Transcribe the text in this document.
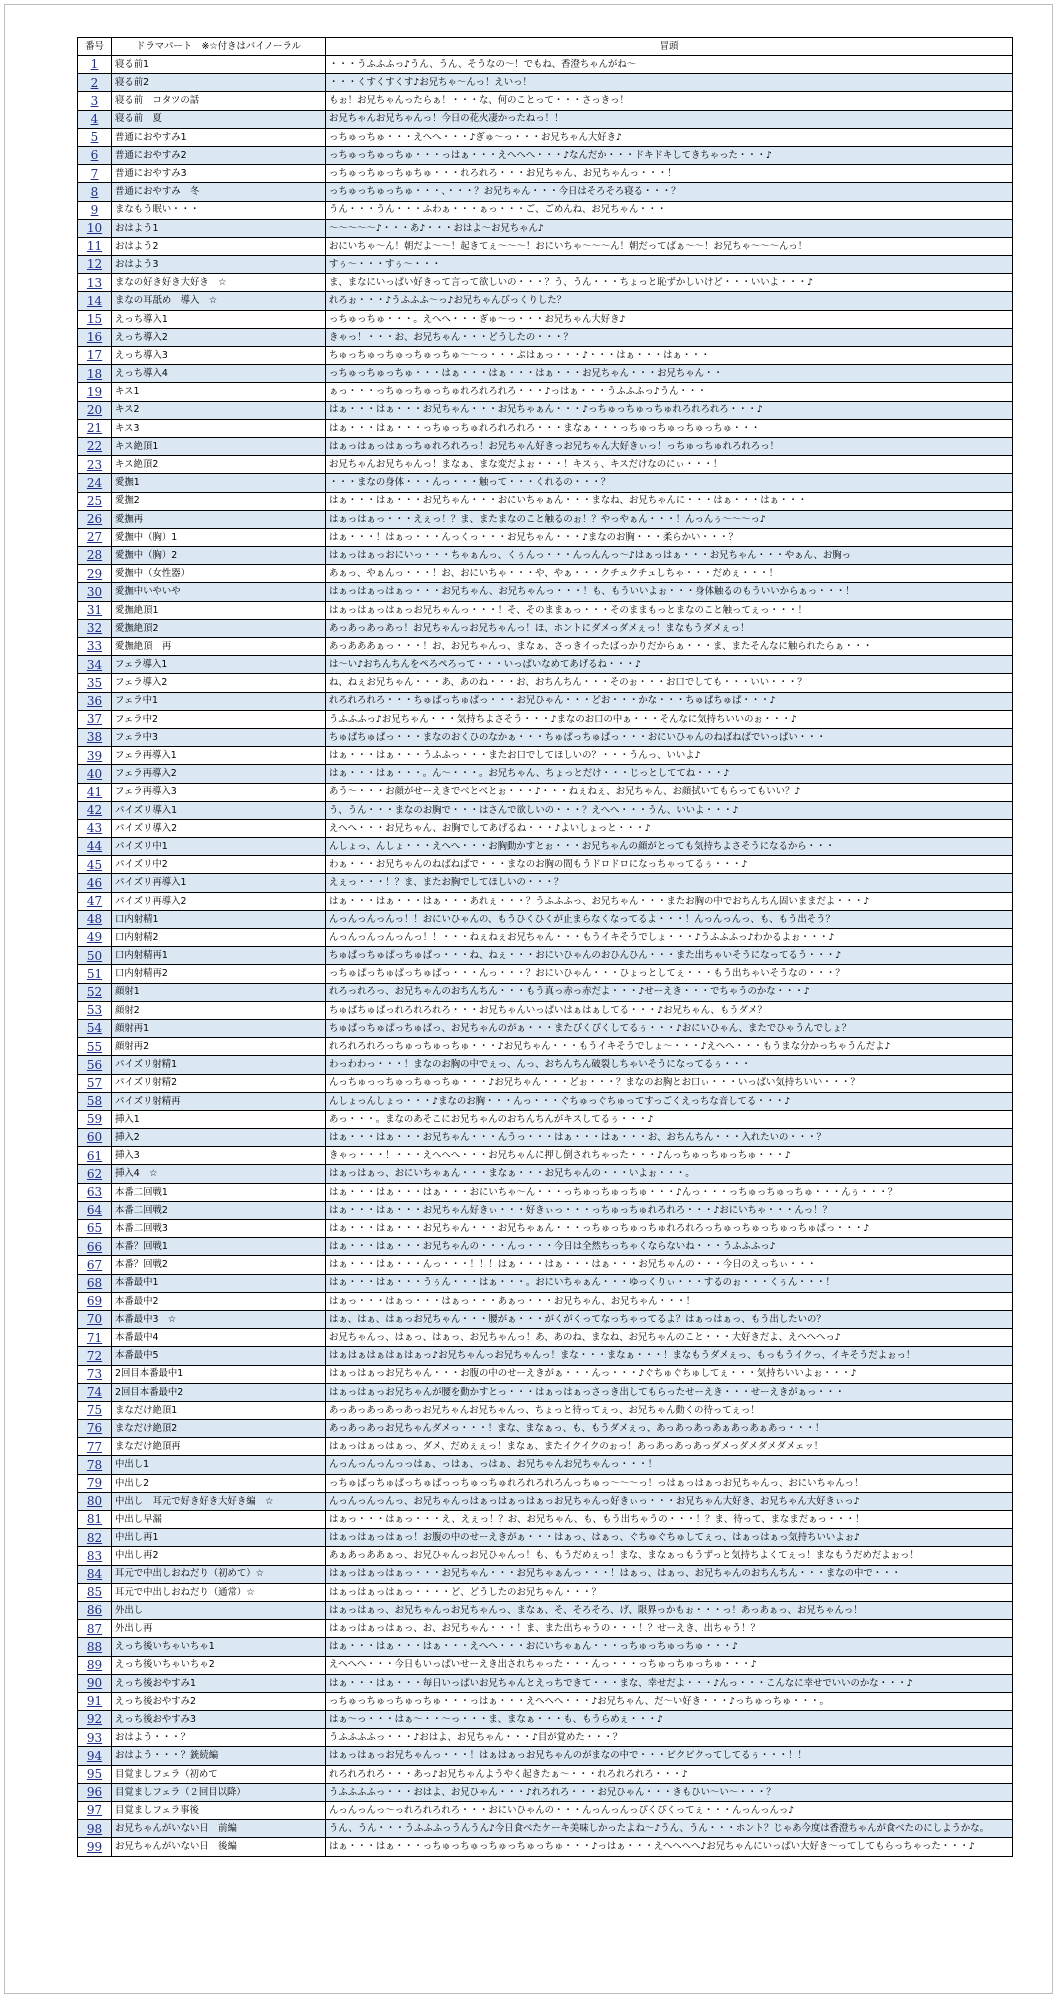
番号	ドラマパート　※☆付きはバイノーラル	冒頭
1	寝る前1	・・・うふふふっ♪うん、うん、そうなの〜！でもね、香澄ちゃんがね〜
2	寝る前2	・・・くすくすくす♪お兄ちゃ〜んっ！えいっ！
3	寝る前　コタツの話	もぉ！お兄ちゃんったらぁ！・・・な、何のことって・・・さっきっ！
4	寝る前　夏	お兄ちゃんお兄ちゃんっ！今日の花火凄かったねっ！！
5	普通におやすみ1	っちゅっちゅ・・・えへへ・・・♪ぎゅ〜っ・・・お兄ちゃん大好き♪
6	普通におやすみ2	っちゅっちゅっちゅ・・・っはぁ・・・えへへへ・・・♪なんだか・・・ドキドキしてきちゃった・・・♪
7	普通におやすみ3	っちゅっちゅっちゅちゅ・・・れろれろ・・・お兄ちゃん、お兄ちゃんっ・・・！
8	普通におやすみ　冬	っちゅっちゅっちゅ・・・、・・・？お兄ちゃん・・・今日はそろそろ寝る・・・？
9	まなもう眠い・・・	うん・・・うん・・・ふわぁ・・・ぁっ・・・ご、ごめんね、お兄ちゃん・・・
10	おはよう1	〜〜〜〜〜♪・・・あ♪・・・おはよ〜お兄ちゃん♪
11	おはよう2	おにいちゃ〜ん！朝だよ〜〜！起きてぇ〜〜〜！おにいちゃ〜〜〜ん！朝だってばぁ〜〜！お兄ちゃ〜〜〜んっ！
12	おはよう3	すぅ〜・・・すぅ〜・・・
13	まなの好き好き大好き　☆	ま、まなにいっぱい好きって言って欲しいの・・・？う、うん・・・ちょっと恥ずかしいけど・・・いいよ・・・♪
14	まなの耳舐め　導入　☆	れろぉ・・・♪うふふふ〜っ♪お兄ちゃんびっくりした？
15	えっち導入1	っちゅっちゅ・・・。えへへ・・・ぎゅ〜っ・・・お兄ちゃん大好き♪
16	えっち導入2	きゃっ！・・・お、お兄ちゃん・・・どうしたの・・・？
17	えっち導入3	ちゅっちゅっちゅっちゅっちゅ〜〜っ・・・ぷはぁっ・・・♪・・・はぁ・・・はぁ・・・
18	えっち導入4	っちゅっちゅっちゅ・・・はぁ・・・はぁ・・・はぁ・・・お兄ちゃん・・・お兄ちゃん・・
19	キス1	ぁっ・・・っちゅっちゅっちゅれろれろれろ・・・♪っはぁ・・・うふふふっ♪うん・・・
20	キス2	はぁ・・・はぁ・・・お兄ちゃん・・・お兄ちゃぁん・・・♪っちゅっちゅっちゅれろれろれろ・・・♪
21	キス3	はぁ・・・はぁ・・・っちゅっちゅれろれろれろ・・・まなぁ・・・っちゅっちゅっちゅっちゅ・・・
22	キス絶頂1	はぁっはぁっはぁっちゅれろれろっ！お兄ちゃん好きっお兄ちゃん大好きぃっ！っちゅっちゅれろれろっ！
23	キス絶頂2	お兄ちゃんお兄ちゃんっ！まなぁ、まな変だよぉ・・・！キスぅ、キスだけなのにぃ・・・！
24	愛撫1	・・・まなの身体・・・んっ・・・触って・・・くれるの・・・？
25	愛撫2	はぁ・・・はぁ・・・お兄ちゃん・・・おにいちゃぁん・・・まなね、お兄ちゃんに・・・はぁ・・・はぁ・・・
26	愛撫再	はぁっはぁっ・・・えぇっ！？ま、またまなのこと触るのぉ！？やっやぁん・・・！んっんぅ〜〜〜っ♪
27	愛撫中（胸）1	はぁ・・・！はぁっ・・・んっくっ・・・お兄ちゃん・・・♪まなのお胸・・・柔らかい・・・？
28	愛撫中（胸）2	はぁっはぁっおにいっ・・・ちゃぁんっ、くぅんっ・・・んっんんっ〜♪はぁっはぁ・・・お兄ちゃん・・・やぁん、お胸っ
29	愛撫中（女性器）	あぁっ、やぁんっ・・・！お、おにいちゃ・・・や、やぁ・・・クチュクチュしちゃ・・・だめぇ・・・！
30	愛撫中いやいや	はぁっはぁっはぁっ・・・お兄ちゃん、お兄ちゃんっ・・・！も、もういいよぉ・・・身体触るのもういいからぁっ・・・！
31	愛撫絶頂1	はぁっはぁっはぁっお兄ちゃんっ・・・！そ、そのままぁっ・・・そのままもっとまなのこと触ってぇっ・・・！
32	愛撫絶頂2	あっあっあっあっ！お兄ちゃんっお兄ちゃんっ！ほ、ホントにダメっダメぇっ！まなもうダメぇっ！
33	愛撫絶頂　再	あっあああぁっ・・・！お、お兄ちゃんっ、まなぁ、さっきイったばっかりだからぁ・・・ま、またそんなに触られたらぁ・・・
34	フェラ導入1	は〜い♪おちんちんをぺろぺろって・・・いっぱいなめてあげるね・・・♪
35	フェラ導入2	ね、ねぇお兄ちゃん・・・あ、あのね・・・お、おちんちん・・・そのぉ・・・お口でしても・・・いい・・・？
36	フェラ中1	れろれろれろ・・・ちゅぱっちゅぱっ・・・お兄ひゃん・・・どお・・・かな・・・ちゅぱちゅぱ・・・♪
37	フェラ中2	うふふふっ♪お兄ちゃん・・・気持ちよさそう・・・♪まなのお口の中ぁ・・・そんなに気持ちいいのぉ・・・♪
38	フェラ中3	ちゅぱちゅぱっ・・・まなのおくひのなかぁ・・・ちゅぱっちゅぱっ・・・おにいひゃんのねばねばでいっぱい・・・
39	フェラ再導入1	はぁ・・・はぁ・・・うふふっ・・・またお口でしてほしいの？・・・うんっ、いいよ♪
40	フェラ再導入2	はぁ・・・はぁ・・・。ん〜・・・。お兄ちゃん、ちょっとだけ・・・じっとしててね・・・♪
41	フェラ再導入3	あう〜・・・お顔がせーえきでベとべとぉ・・・♪・・・ねぇねぇ、お兄ちゃん、お顔拭いてもらってもいい？♪
42	パイズリ導入1	う、うん・・・まなのお胸で・・・はさんで欲しいの・・・？えへへ・・・うん、いいよ・・・♪
43	パイズリ導入2	えへへ・・・お兄ちゃん、お胸でしてあげるね・・・♪よいしょっと・・・♪
44	パイズリ中1	んしょっ、んしょ・・・えへへ・・・お胸動かすとぉ・・・お兄ちゃんの顔がとっても気持ちよさそうになるから・・・
45	パイズリ中2	わぁ・・・お兄ちゃんのねばねばで・・・まなのお胸の間もうドロドロになっちゃってるぅ・・・♪
46	パイズリ再導入1	えぇっ・・・！？ま、またお胸でしてほしいの・・・？
47	パイズリ再導入2	はぁ・・・はぁ・・・はぁ・・・あれぇ・・・？うふふふっ、お兄ちゃん・・・またお胸の中でおちんちん固いままだよ・・・♪
48	口内射精1	んっんっんっんっ！！おにいひゃんの、もうひくひくが止まらなくなってるよ・・・！んっんっんっ、も、もう出そう？
49	口内射精2	んっんっんっんっんっ！！・・・ねぇねぇお兄ちゃん・・・もうイキそうでしょ・・・♪うふふふっ♪わかるよぉ・・・♪
50	口内射精再1	ちゅぱっちゅぱっちゅぱっ・・・ね、ねぇ・・・おにいひゃんのおひんひん・・・また出ちゃいそうになってるう・・・♪
51	口内射精再2	っちゅぱっちゅぱっちゅぱっ・・・んっ・・・？おにいひゃん・・・ひょっとしてぇ・・・もう出ちゃいそうなの・・・？
52	顔射1	れろっれろっ、お兄ちゃんのおちんちん・・・もう真っ赤っ赤だよ・・・♪せーえき・・・でちゃうのかな・・・♪
53	顔射2	ちゅぱちゅぱっれろれろれろ・・・お兄ちゃんいっぱいはぁはぁしてる・・・♪お兄ちゃん、もうダメ？
54	顔射再1	ちゅぱっちゅぱっちゅぱっ、お兄ちゃんのがぁ・・・またぴくぴくしてるぅ・・・♪おにいひゃん、またでひゃうんでしょ？
55	顔射再2	れろれろれろっちゅっちゅっちゅ・・・♪お兄ちゃん・・・もうイキそうでしょ〜・・・♪えへへ・・・もうまな分かっちゃうんだよ♪
56	パイズリ射精1	わっわわっ・・・！まなのお胸の中でぇっ、んっ、おちんちん破裂しちゃいそうになってるぅ・・・
57	パイズリ射精2	んっちゅっっちゅっちゅっちゅ・・・♪お兄ちゃん・・・どぉ・・・？まなのお胸とお口ぃ・・・いっぱい気持ちいい・・・？
58	パイズリ射精再	んしょっんしょっ・・・♪まなのお胸・・・んっ・・・ぐちゅっぐちゅってすっごくえっちな音してる・・・♪
59	挿入1	あっ・・・。まなのあそこにお兄ちゃんのおちんちんがキスしてるぅ・・・♪
60	挿入2	はぁ・・・はぁ・・・お兄ちゃん・・・んうっ・・・はぁ・・・はぁ・・・お、おちんちん・・・入れたいの・・・？
61	挿入3	きゃっ・・・！・・・えへへへ・・・お兄ちゃんに押し倒されちゃった・・・♪んっちゅっちゅっちゅ・・・♪
62	挿入4　☆	はぁっはぁっ、おにいちゃぁん・・・まなぁ・・・お兄ちゃんの・・・いよぉ・・・。
63	本番二回戦1	はぁ・・・はぁ・・・はぁ・・・おにいちゃ〜ん・・・っちゅっちゅっちゅ・・・♪んっ・・・っちゅっちゅっちゅ・・・んぅ・・・？
64	本番二回戦2	はぁ・・・はぁ・・・お兄ちゃん好きぃ・・・好きぃっ・・・っちゅっちゅれろれろ・・・♪おにいちゃ・・・んっ！？
65	本番二回戦3	はぁ・・・はぁ・・・お兄ちゃん・・・お兄ちゃぁん・・・っちゅっちゅっちゅれろれろっちゅっちゅっちゅっちゅぱっ・・・♪
66	本番？回戦1	はぁ・・・はぁ・・・お兄ちゃんの・・・んっ・・・今日は全然ちっちゃくならないね・・・うふふふっ♪
67	本番？回戦2	はぁ・・・はぁ・・・んっ・・・！！！はぁ・・・はぁ・・・はぁ・・・お兄ちゃんの・・・今日のえっちぃ・・・
68	本番最中1	はぁ・・・はぁ・・・うぅん・・・はぁ・・・。おにいちゃぁん・・・ゆっくりぃ・・・するのぉ・・・くぅん・・・！
69	本番最中2	はぁっ・・・はぁっ・・・はぁっ・・・あぁっ・・・お兄ちゃん、お兄ちゃん・・・！
70	本番最中3　☆	はぁ、はぁ、はぁっお兄ちゃん・・・腰がぁ・・・がくがくってなっちゃってるよ？はぁっはぁっ、もう出したいの？
71	本番最中4	お兄ちゃんっ、はぁっ、はぁっ、お兄ちゃんっ！あ、あのね、まなね、お兄ちゃんのこと・・・大好きだよ、えへへへっ♪
72	本番最中5	はぁはぁはぁはぁはぁっ♪お兄ちゃんっお兄ちゃんっ！まな・・・まなぁ・・・！まなもうダメぇっ、もっもうイクっ、イキそうだよぉっ！
73	2回目本番最中1	はぁっはぁっお兄ちゃん・・・お腹の中のせーえきがぁ・・・んっ・・・♪ぐちゅぐちゅしてぇ・・・気持ちいいよぉ・・・♪
74	2回目本番最中2	はぁっはぁっお兄ちゃんが腰を動かすとっ・・・はぁっはぁっさっき出してもらったせーえき・・・せーえきがぁっ・・・
75	まなだけ絶頂1	あっあっあっあっあっお兄ちゃんお兄ちゃんっ、ちょっと待ってぇっ、お兄ちゃん動くの待ってぇっ！
76	まなだけ絶頂2	あっあっあっお兄ちゃんダメっ・・・！まな、まなぁっ、も、もうダメぇっ、あっあっあっあぁあっあぁあっ・・・！
77	まなだけ絶頂再	はぁっはぁっはぁっ、ダメ、だめぇぇっ！まなぁ、またイクイクのぉっ！あっあっあっあっダメっダメダメダメェッ！
78	中出し1	んっんっんっんっっはぁ、っはぁ、っはぁ、お兄ちゃんお兄ちゃんっ・・・！
79	中出し2	っちゅぱっちゅぱっちゅぱっっちゅっちゅれろれろれろんっちゅっ〜〜〜っ！っはぁっはぁっお兄ちゃんっ、おにいちゃんっ！
80	中出し　耳元で好き好き大好き編　☆	んっんっんっんっ、お兄ちゃんっはぁっはぁっはぁっお兄ちゃんっ好きぃっ・・・お兄ちゃん大好き、お兄ちゃん大好きぃっ♪
81	中出し早漏	はぁっ・・・はぁっ・・・え、えぇっ！？お、お兄ちゃん、も、もう出ちゃうの・・・！？ま、待って、まなまだぁっ・・・！
82	中出し再1	はぁっはぁっはぁっ！お腹の中のせーえきがぁ・・・はぁっ、はぁっ、ぐちゅぐちゅしてぇっ、はぁっはぁっ気持ちいいよぉ♪
83	中出し再2	あぁあっああぁっ、お兄ひゃんっお兄ひゃんっ！も、もうだめぇっ！まな、まなぁっもうずっと気持ちよくてぇっ！まなもうだめだよぉっ！
84	耳元で中出しおねだり（初めて）☆	はぁっはぁっはぁっ・・・お兄ちゃん・・・お兄ちゃぁんっ・・・！はぁっ、はぁっ、お兄ちゃんのおちんちん・・・まなの中で・・・
85	耳元で中出しおねだり（通常）☆	はぁっはぁっはぁっ・・・・ど、どうしたのお兄ちゃん・・・？
86	外出し	はぁっはぁっ、お兄ちゃんっお兄ちゃんっ、まなぁ、そ、そろそろ、げ、限界っかもぉ・・・っ！あっあぁっ、お兄ちゃんっ！
87	外出し再	はぁっはぁっはぁっ、お、お兄ちゃん・・・！ま、また出ちゃうの・・・！？せーえき、出ちゃう！？
88	えっち後いちゃいちゃ1	はぁ・・・はぁ・・・はぁ・・・えへへ・・・おにいちゃぁん・・・っちゅっちゅっちゅ・・・♪
89	えっち後いちゃいちゃ2	えへへへ・・・今日もいっぱいせーえき出されちゃった・・・んっ・・・っちゅっちゅっちゅ・・・♪
90	えっち後おやすみ1	はぁ・・・はぁ・・・毎日いっぱいお兄ちゃんとえっちできて・・・まな、幸せだよ・・・♪んっ・・・こんなに幸せでいいのかな・・・♪
91	えっち後おやすみ2	っちゅっちゅっちゅっちゅ・・・っはぁ・・・えへへへ・・・♪お兄ちゃん、だ〜い好き・・・♪っちゅっちゅ・・・。
92	えっち後おやすみ3	はぁ〜っ・・・はぁ〜・・〜っ・・・ま、まなぁ・・・も、もうらめぇ・・・♪
93	おはよう・・・？	うふふふふっ・・・♪おはよ、お兄ちゃん・・・♪目が覚めた・・・？
94	おはよう・・・？銃続編	はぁっはぁっお兄ちゃんっ・・・！はぁはぁっお兄ちゃんのがまなの中で・・・ビクビクってしてるぅ・・・！！
95	目覚ましフェラ（初めて	れろれろれろ・・・あっ♪お兄ちゃんようやく起きたぁ〜・・・れろれろれろ・・・♪
96	目覚ましフェラ（２回目以降）	うふふふふっ・・・おはよ、お兄ひゃん・・・♪れろれろ・・・お兄ひゃん・・・きもひい〜い〜・・・？
97	目覚ましフェラ事後	んっんっんっ〜っれろれろれろ・・・おにいひゃんの・・・んっんっんっぴくぴくってぇ・・・んっんっんっ♪
98	お兄ちゃんがいない日　前編	うん、うん・・・うふふふっうんうん♪今日食べたケーキ美味しかったよね〜♪うん、うん・・・ホント？じゃあ今度は香澄ちゃんが食べたのにしようかな。
99	お兄ちゃんがいない日　後編	はぁ・・・はぁ・・・っちゅっちゅっちゅっちゅっちゅ・・・♪っはぁ・・・えへへへへ♪お兄ちゃんにいっぱい大好き〜ってしてもらっちゃった・・・♪
